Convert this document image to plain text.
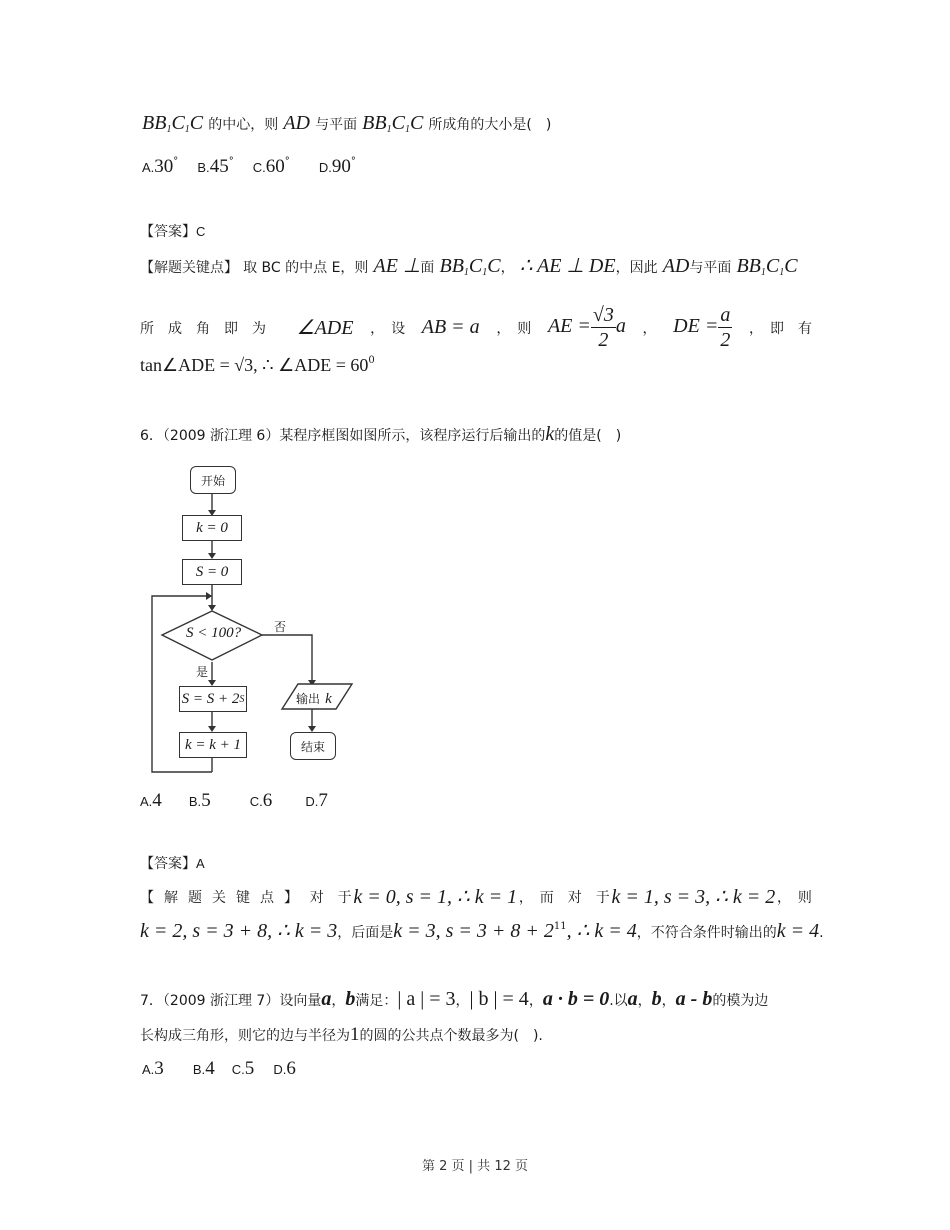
$BB_1C_1C$ 的中心，则 AD 与平面 $BB_1C_1C$ 所成角的大小是(　)
A.30° B.45° C.60° D.90°
【答案】C
【解题关键点】 取 BC 的中点 E，则 AE ⊥面 $BB_1C_1C$， ∴ AE ⊥ DE，因此 AD与平面 $BB_1C_1C$
所成角即为 ∠ADE ，　设 AB = a ，　则 AE = $\frac{√3}{2}$ a ， DE = $\frac{a}{2}$ ，　即　有
tan∠ADE = √3, ∴ ∠ADE = $60^0$
6．（2009 浙江理 6）某程序框图如图所示，该程序运行后输出的k的值是(　)
开始
k = 0
S = 0
S < 100?	否
是
S = S + 2 S
k = k + 1
输出 k
结束
A.4 B.5	C.6	D.7
【答案】A
【解题关键点】 对　于 k = 0, s = 1, ∴ k = 1 ，　而　对　于 k = 1, s = 3, ∴ k = 2 ，　则
k = 2, s = 3 + 8, ∴ k = 3，后面是k = 3, $s = 3 + 8 + 2^{11}$, ∴ k = 4，不符合条件时输出的k = 4.
7．（2009 浙江理 7）设向量a，b满足：| a | = 3，| b | = 4，a · b = 0.以a，b，a - b的模为边
长构成三角形，则它的边与半径为1的圆的公共点个数最多为(　).
A.3 B.4 C.5 D.6
第 2 页 | 共 12 页
